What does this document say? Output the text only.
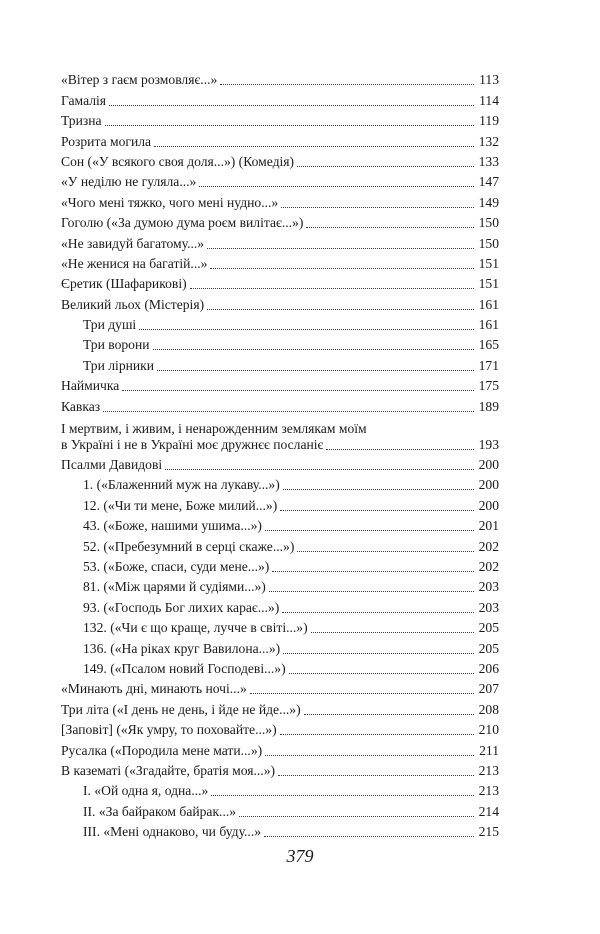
«Вітер з гаєм розмовляє...»	113
Гамалія	114
Тризна	119
Розрита могила	132
Сон («У всякого своя доля...») (Комедія)	133
«У неділю не гуляла...»	147
«Чого мені тяжко, чого мені нудно...»	149
Гоголю («За думою дума роєм вилітає...»)	150
«Не завидуй багатому...»	150
«Не женися на багатій...»	151
Єретик (Шафарикові)	151
Великий льох (Містерія)	161
Три душі	161
Три ворони	165
Три лірники	171
Наймичка	175
Кавказ	189
І мертвим, і живим, і ненарожденним землякам моїм
в Україні і не в Україні моє дружнєє посланіє	193
Псалми Давидові	200
1. («Блаженний муж на лукаву...»)	200
12. («Чи ти мене, Боже милий...»)	200
43. («Боже, нашими ушима...»)	201
52. («Пребезумний в серці скаже...»)	202
53. («Боже, спаси, суди мене...»)	202
81. («Між царями й судіями...»)	203
93. («Господь Бог лихих карає...»)	203
132. («Чи є що краще, лучче в світі...»)	205
136. («На ріках круг Вавилона...»)	205
149. («Псалом новий Господеві...»)	206
«Минають дні, минають ночі...»	207
Три літа («І день не день, і йде не йде...»)	208
[Заповіт] («Як умру, то поховайте...»)	210
Русалка («Породила мене мати...»)	211
В казематі («Згадайте, братія моя...»)	213
I. «Ой одна я, одна...»	213
II. «За байраком байрак...»	214
III. «Мені однаково, чи буду...»	215
379
